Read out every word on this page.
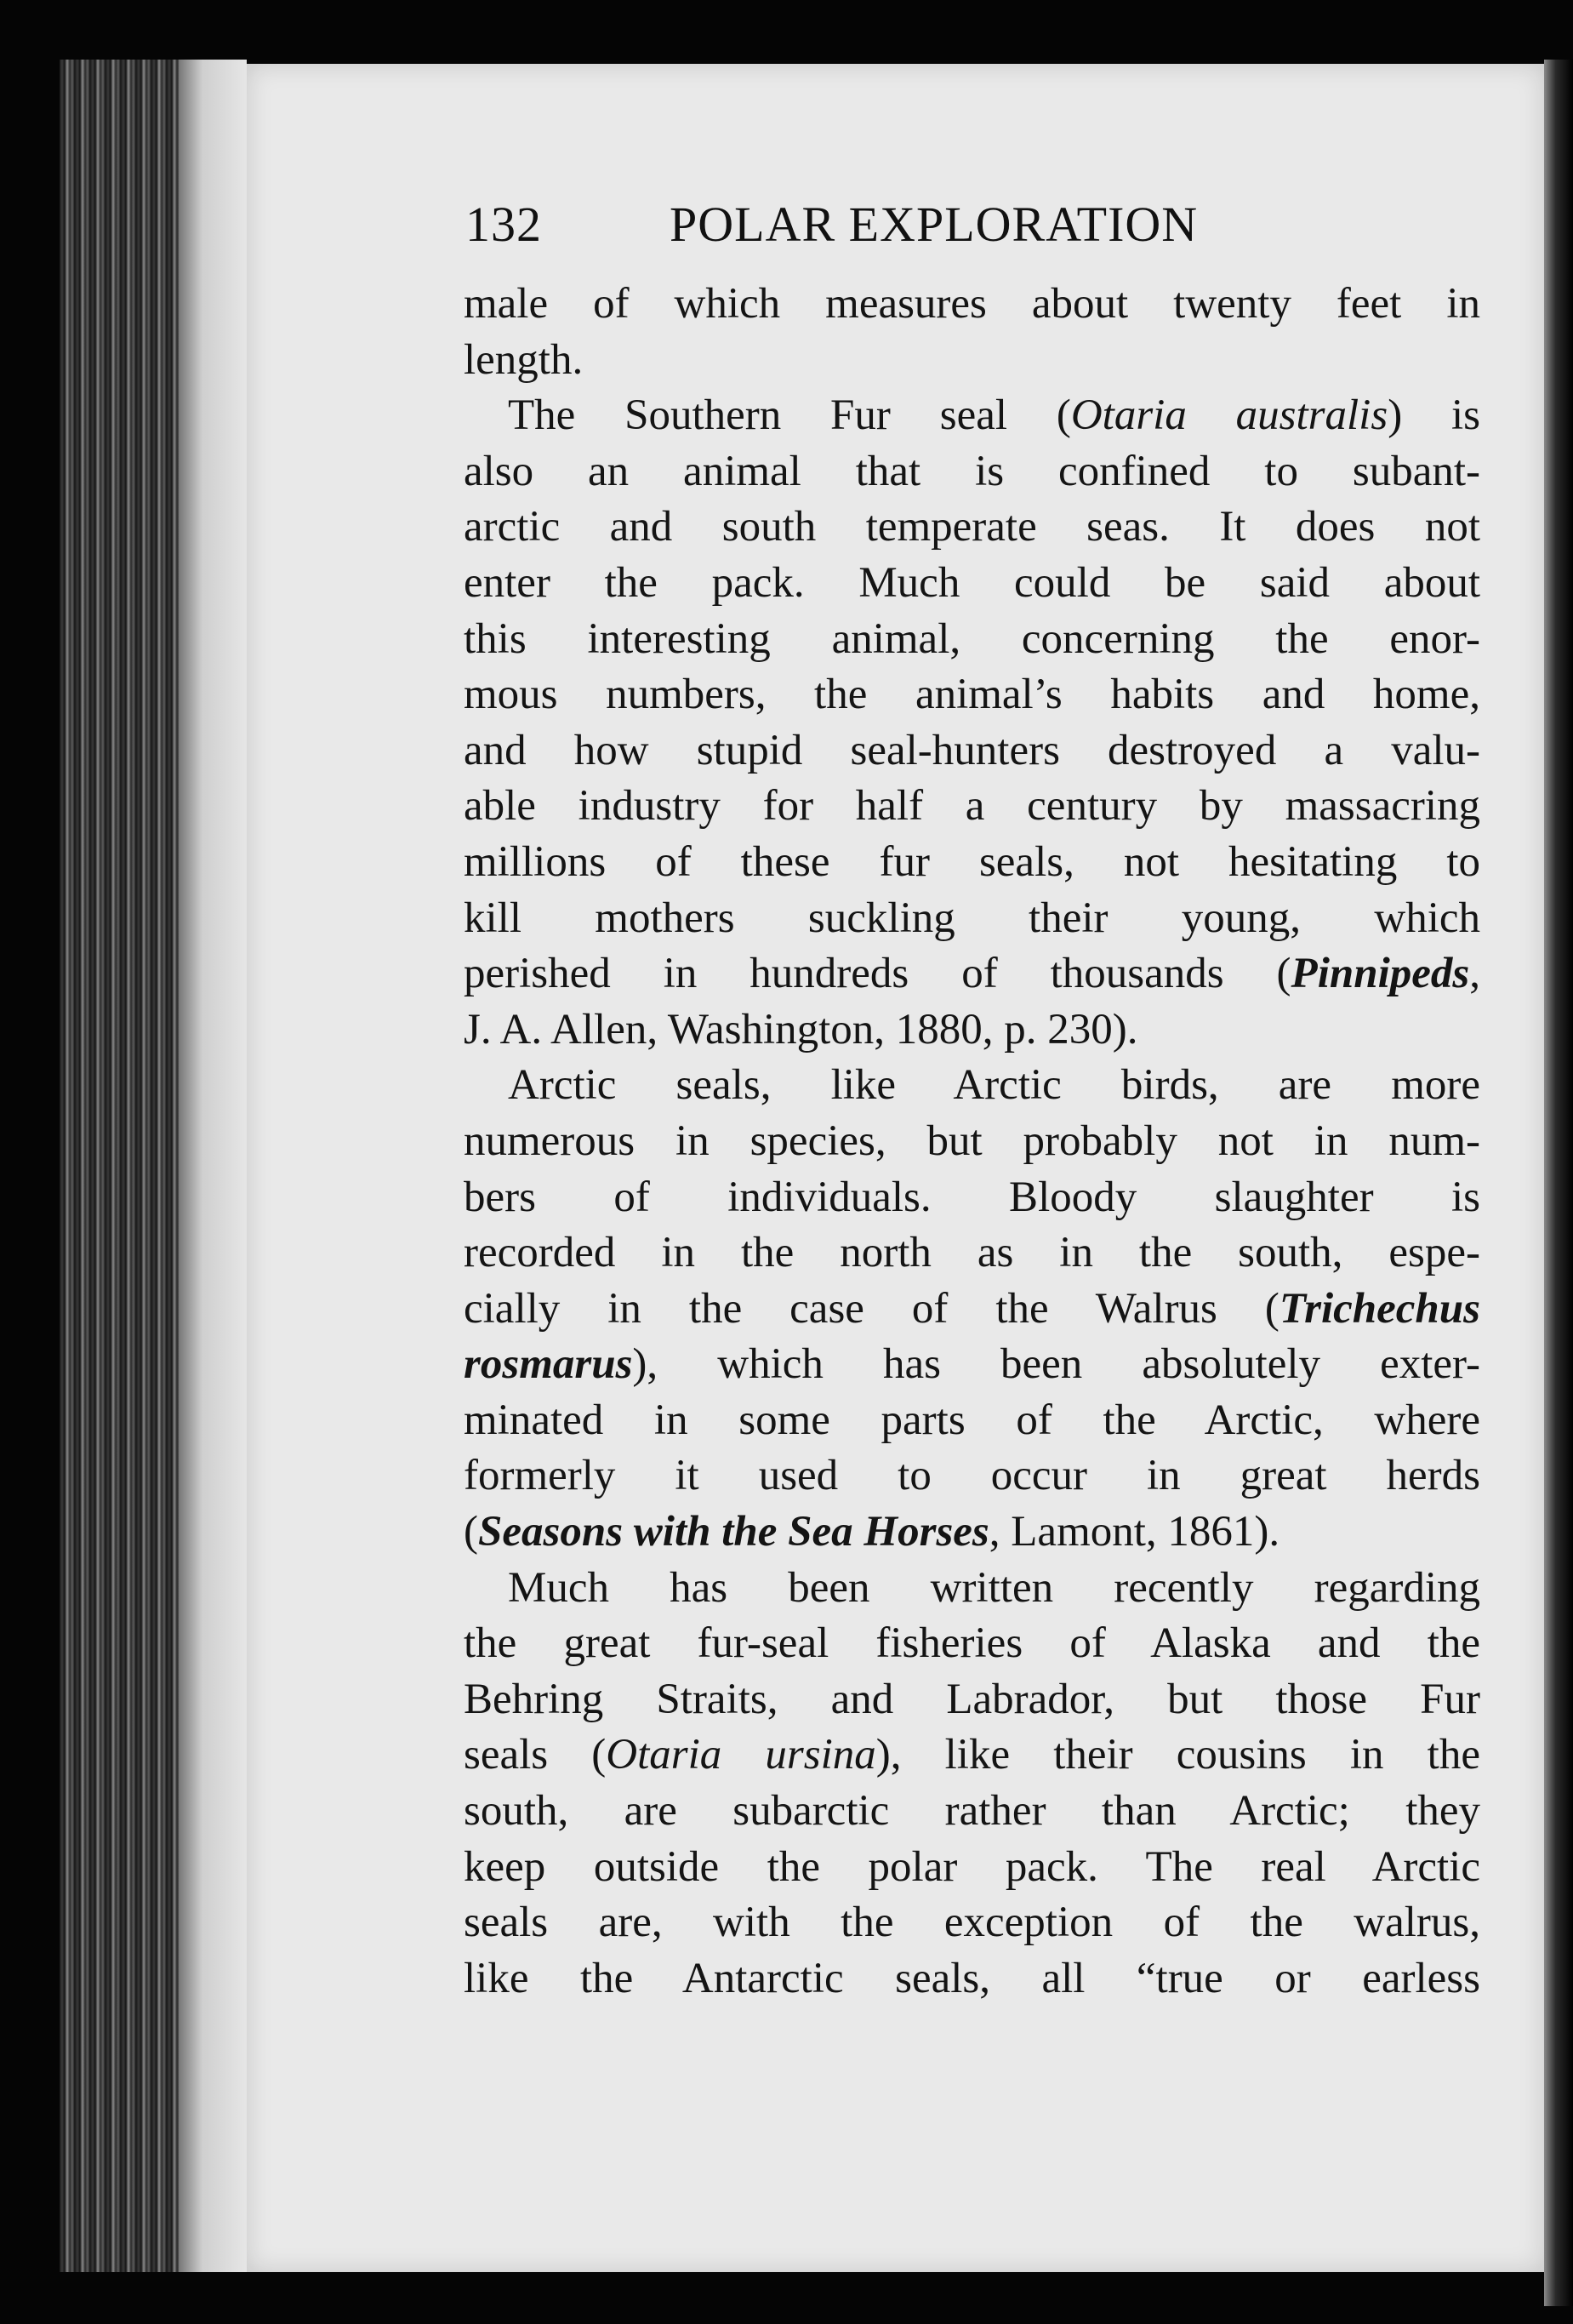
132	POLAR EXPLORATION
male of which measures about twenty feet in
length.
The Southern Fur seal (Otaria australis) is
also an animal that is confined to subant-
arctic and south temperate seas. It does not
enter the pack. Much could be said about
this interesting animal, concerning the enor-
mous numbers, the animal’s habits and home,
and how stupid seal-hunters destroyed a valu-
able industry for half a century by massacring
millions of these fur seals, not hesitating to
kill mothers suckling their young, which
perished in hundreds of thousands (Pinnipeds,
J. A. Allen, Washington, 1880, p. 230).
Arctic seals, like Arctic birds, are more
numerous in species, but probably not in num-
bers of individuals. Bloody slaughter is
recorded in the north as in the south, espe-
cially in the case of the Walrus (Trichechus
rosmarus), which has been absolutely exter-
minated in some parts of the Arctic, where
formerly it used to occur in great herds
(Seasons with the Sea Horses, Lamont, 1861).
Much has been written recently regarding
the great fur-seal fisheries of Alaska and the
Behring Straits, and Labrador, but those Fur
seals (Otaria ursina), like their cousins in the
south, are subarctic rather than Arctic; they
keep outside the polar pack. The real Arctic
seals are, with the exception of the walrus,
like the Antarctic seals, all “true or earless
